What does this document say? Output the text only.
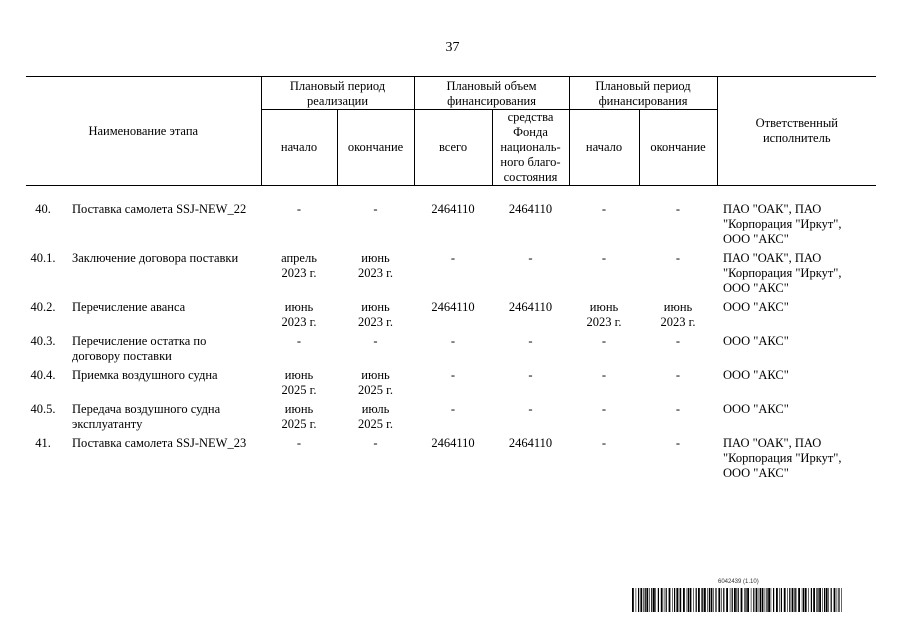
37
Наименование этапа		Плановый период реализации		Плановый объем финансирования		Плановый период финансирования		Ответственный исполнитель

		начало	окончание	всего	средства Фонда националь-ного благо-состояния	начало	окончание	

40.	Поставка самолета SSJ-NEW_22	-	-	2464110	2464110	-	-	ПАО "ОАК", ПАО "Корпорация "Иркут", ООО "АКС"

40.1.	Заключение договора поставки	апрель 2023 г.	июнь 2023 г.	-	-	-	-	ПАО "ОАК", ПАО "Корпорация "Иркут", ООО "АКС"

40.2.	Перечисление аванса	июнь 2023 г.	июнь 2023 г.	2464110	2464110	июнь 2023 г.	июнь 2023 г.	ООО "АКС"

40.3.	Перечисление остатка по договору поставки	-	-	-	-	-	-	ООО "АКС"

40.4.	Приемка воздушного судна	июнь 2025 г.	июнь 2025 г.	-	-	-	-	ООО "АКС"

40.5.	Передача воздушного судна эксплуатанту	июнь 2025 г.	июль 2025 г.	-	-	-	-	ООО "АКС"

41.	Поставка самолета SSJ-NEW_23	-	-	2464110	2464110	-	-	ПАО "ОАК", ПАО "Корпорация "Иркут", ООО "АКС"
6042439 (1.10)
